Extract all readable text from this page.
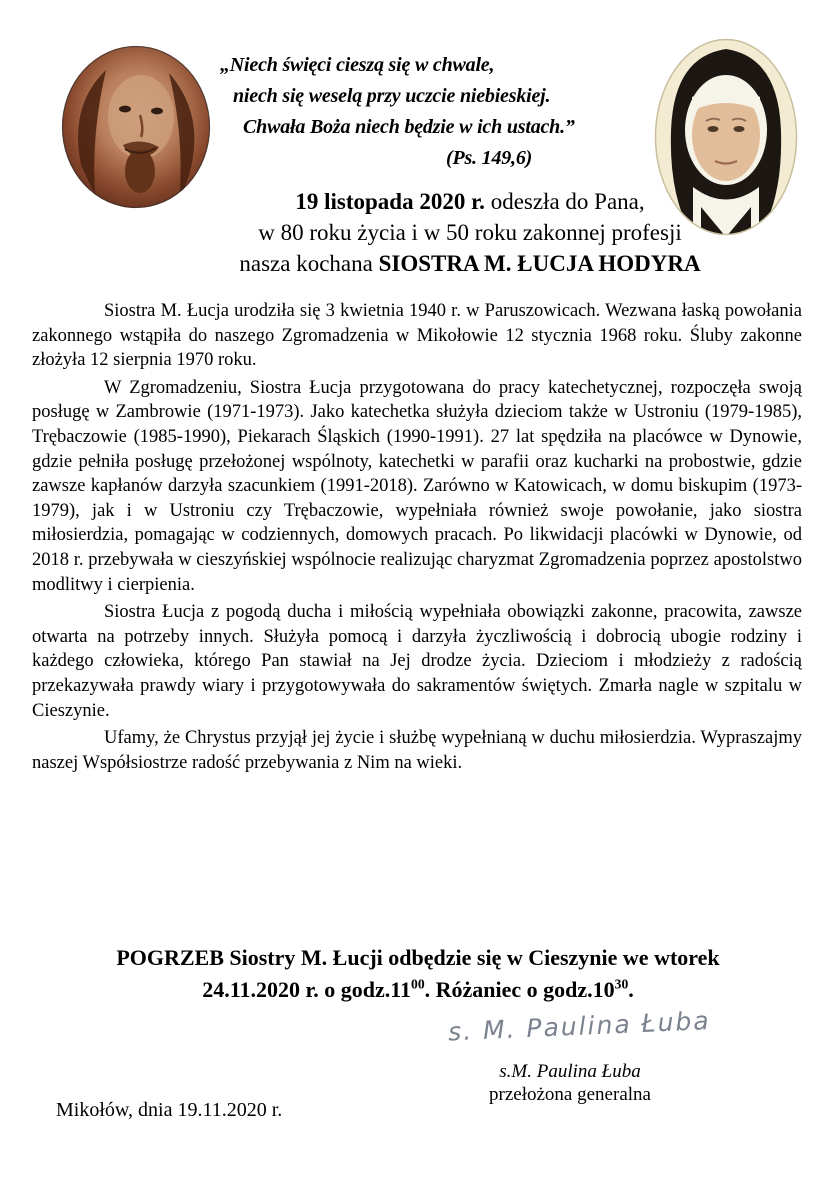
„Niech święci cieszą się w chwale,
niech się weselą przy uczcie niebieskiej.
Chwała Boża niech będzie w ich ustach.”
(Ps. 149,6)
19 listopada 2020 r. odeszła do Pana,
w 80 roku życia i w 50 roku zakonnej profesji
nasza kochana SIOSTRA M. ŁUCJA HODYRA

Siostra M. Łucja urodziła się 3 kwietnia 1940 r. w Paruszowicach. Wezwana łaską powołania zakonnego wstąpiła do naszego Zgromadzenia w Mikołowie 12 stycznia 1968 roku. Śluby zakonne złożyła 12 sierpnia 1970 roku.

W Zgromadzeniu, Siostra Łucja przygotowana do pracy katechetycznej, rozpoczęła swoją posługę w Zambrowie (1971-1973). Jako katechetka służyła dzieciom także w Ustroniu (1979-1985), Trębaczowie (1985-1990), Piekarach Śląskich (1990-1991). 27 lat spędziła na placówce w Dynowie, gdzie pełniła posługę przełożonej wspólnoty, katechetki w parafii oraz kucharki na probostwie, gdzie zawsze kapłanów darzyła szacunkiem (1991-2018). Zarówno w Katowicach, w domu biskupim (1973-1979), jak i w Ustroniu czy Trębaczowie, wypełniała również swoje powołanie, jako siostra miłosierdzia, pomagając w codziennych, domowych pracach. Po likwidacji placówki w Dynowie, od 2018 r. przebywała w cieszyńskiej wspólnocie realizując charyzmat Zgromadzenia poprzez apostolstwo modlitwy i cierpienia.

Siostra Łucja z pogodą ducha i miłością wypełniała obowiązki zakonne, pracowita, zawsze otwarta na potrzeby innych. Służyła pomocą i darzyła życzliwością i dobrocią ubogie rodziny i każdego człowieka, którego Pan stawiał na Jej drodze życia. Dzieciom i młodzieży z radością przekazywała prawdy wiary i przygotowywała do sakramentów świętych. Zmarła nagle w szpitalu w Cieszynie.

Ufamy, że Chrystus przyjął jej życie i służbę wypełnianą w duchu miłosierdzia. Wypraszajmy naszej Współsiostrze radość przebywania z Nim na wieki.

POGRZEB Siostry M. Łucji odbędzie się w Cieszynie we wtorek
24.11.2020 r. o $godz.11^{00}$. Różaniec o $godz.10^{30}$.
s. M. Paulina Łuba
s.M. Paulina Łuba
przełożona generalna
Mikołów, dnia 19.11.2020 r.
